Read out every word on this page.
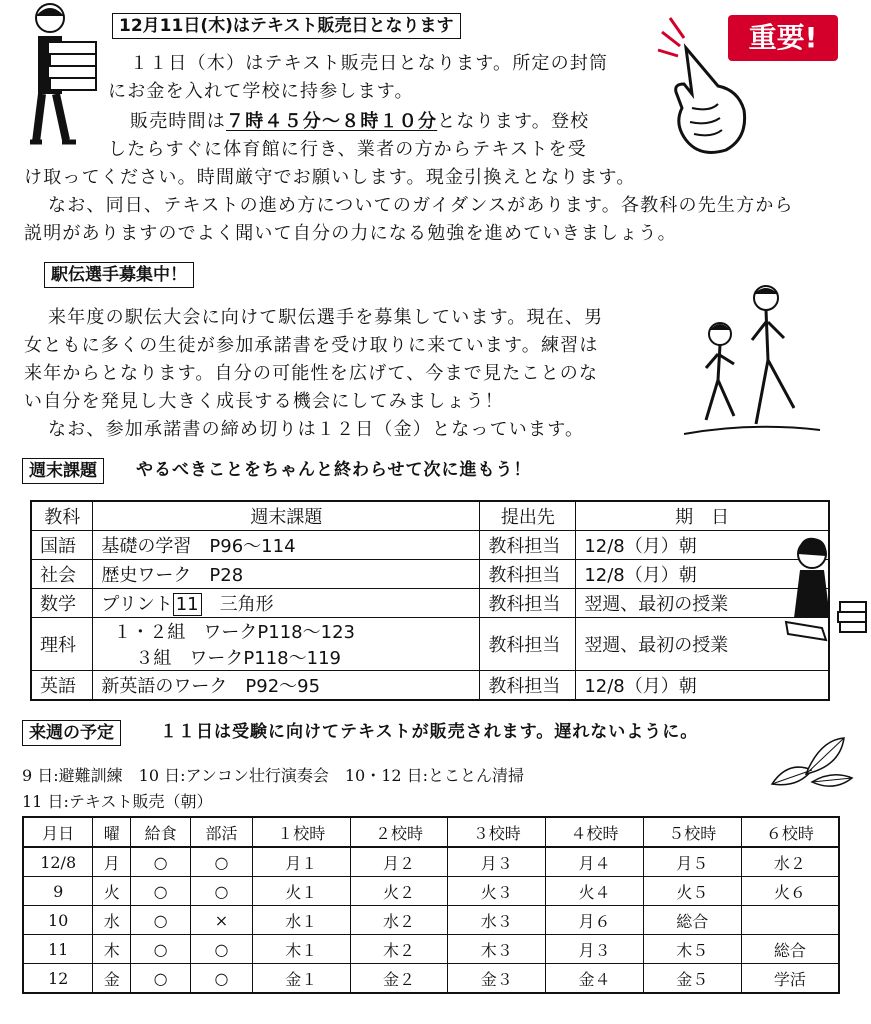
12月11日(木)はテキスト販売日となります	重要!
１１日（木）はテキスト販売日となります。所定の封筒
にお金を入れて学校に持参します。
販売時間は７時４５分～８時１０分となります。登校
したらすぐに体育館に行き、業者の方からテキストを受
け取ってください。時間厳守でお願いします。現金引換えとなります。
なお、同日、テキストの進め方についてのガイダンスがあります。各教科の先生方から
説明がありますのでよく聞いて自分の力になる勉強を進めていきましょう。
駅伝選手募集中！
来年度の駅伝大会に向けて駅伝選手を募集しています。現在、男
女ともに多くの生徒が参加承諾書を受け取りに来ています。練習は
来年からとなります。自分の可能性を広げて、今まで見たことのな
い自分を発見し大きく成長する機会にしてみましょう！
なお、参加承諾書の締め切りは１２日（金）となっています。
週末課題	やるべきことをちゃんと終わらせて次に進もう！
教科	週末課題	提出先	期　日
国語	基礎の学習　P96～114	教科担当	12/8（月）朝
社会	歴史ワーク　P28	教科担当	12/8（月）朝
数学	プリント 11　三角形	教科担当	翌週、最初の授業
理科	１・２組　ワークP118～123
３組　ワークP118～119	教科担当	翌週、最初の授業
英語	新英語のワーク　P92～95	教科担当	12/8（月）朝
来週の予定	１１日は受験に向けてテキストが販売されます。遅れないように。
9 日:避難訓練　10 日:アンコン壮行演奏会　10・12 日:とことん清掃
11 日:テキスト販売（朝）
月日	曜	給食	部活	１校時	２校時	３校時	４校時	５校時	６校時
12/8	月	○	○	月１	月２	月３	月４	月５	水２
9	火	○	○	火１	火２	火３	火４	火５	火６
10	水	○	×	水１	水２	水３	月６	総合	
11	木	○	○	木１	木２	木３	月３	木５	総合
12	金	○	○	金１	金２	金３	金４	金５	学活
